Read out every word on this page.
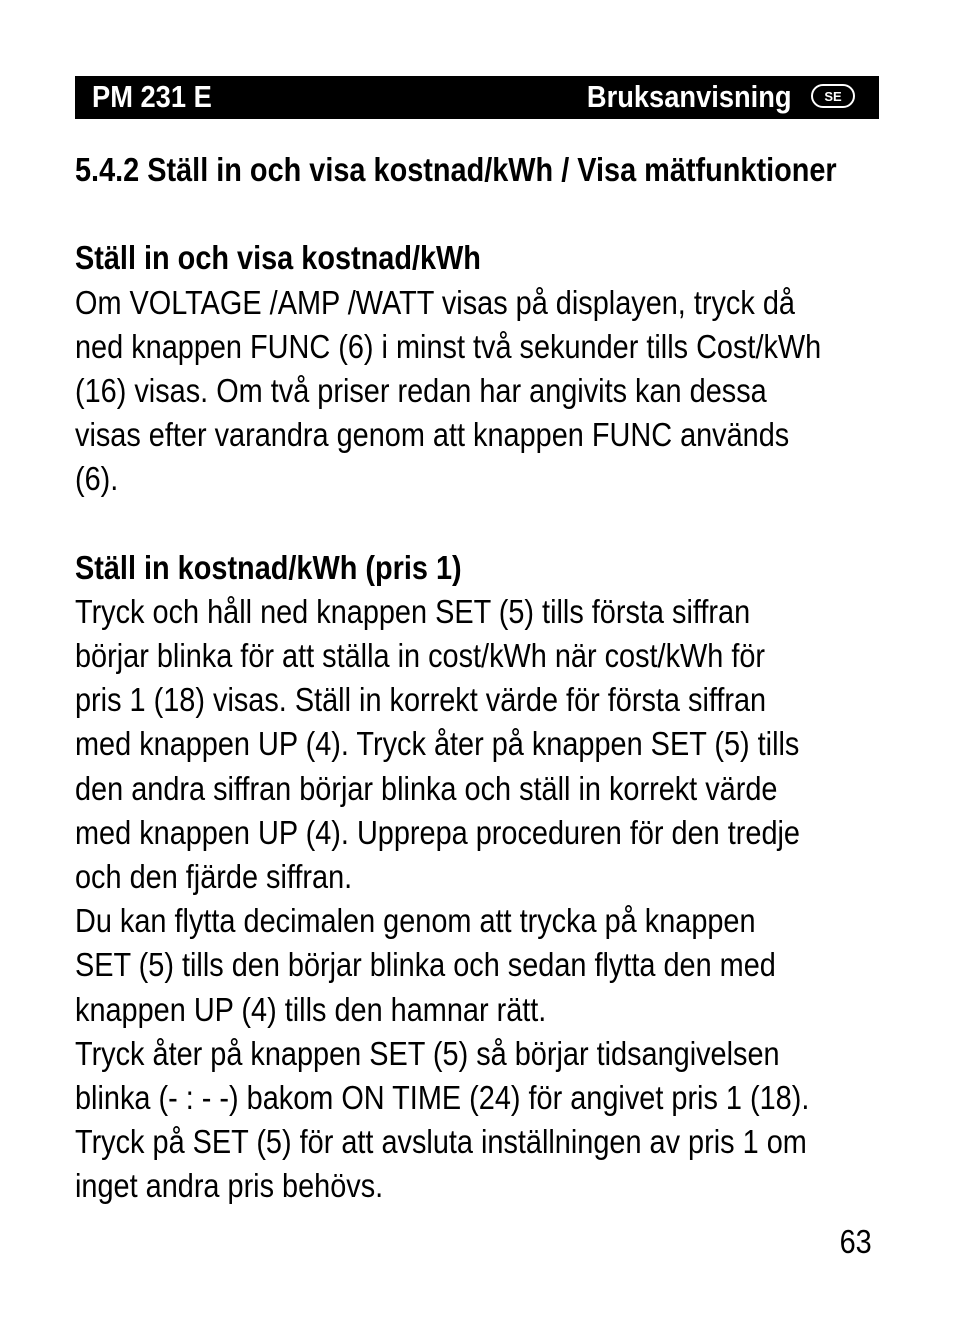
PM 231 E	Bruksanvisning	SE
5.4.2 Ställ in och visa kostnad/kWh / Visa mätfunktioner
Ställ in och visa kostnad/kWh
Om VOLTAGE /AMP /WATT visas på displayen, tryck då
ned knappen FUNC (6) i minst två sekunder tills Cost/kWh
(16) visas. Om två priser redan har angivits kan dessa
visas efter varandra genom att knappen FUNC används
(6).
Ställ in kostnad/kWh (pris 1)
Tryck och håll ned knappen SET (5) tills första siffran
börjar blinka för att ställa in cost/kWh när cost/kWh för
pris 1 (18) visas. Ställ in korrekt värde för första siffran
med knappen UP (4). Tryck åter på knappen SET (5) tills
den andra siffran börjar blinka och ställ in korrekt värde
med knappen UP (4). Upprepa proceduren för den tredje
och den fjärde siffran.
Du kan flytta decimalen genom att trycka på knappen
SET (5) tills den börjar blinka och sedan flytta den med
knappen UP (4) tills den hamnar rätt.
Tryck åter på knappen SET (5) så börjar tidsangivelsen
blinka (- : - -) bakom ON TIME (24) för angivet pris 1 (18).
Tryck på SET (5) för att avsluta inställningen av pris 1 om
inget andra pris behövs.
63
